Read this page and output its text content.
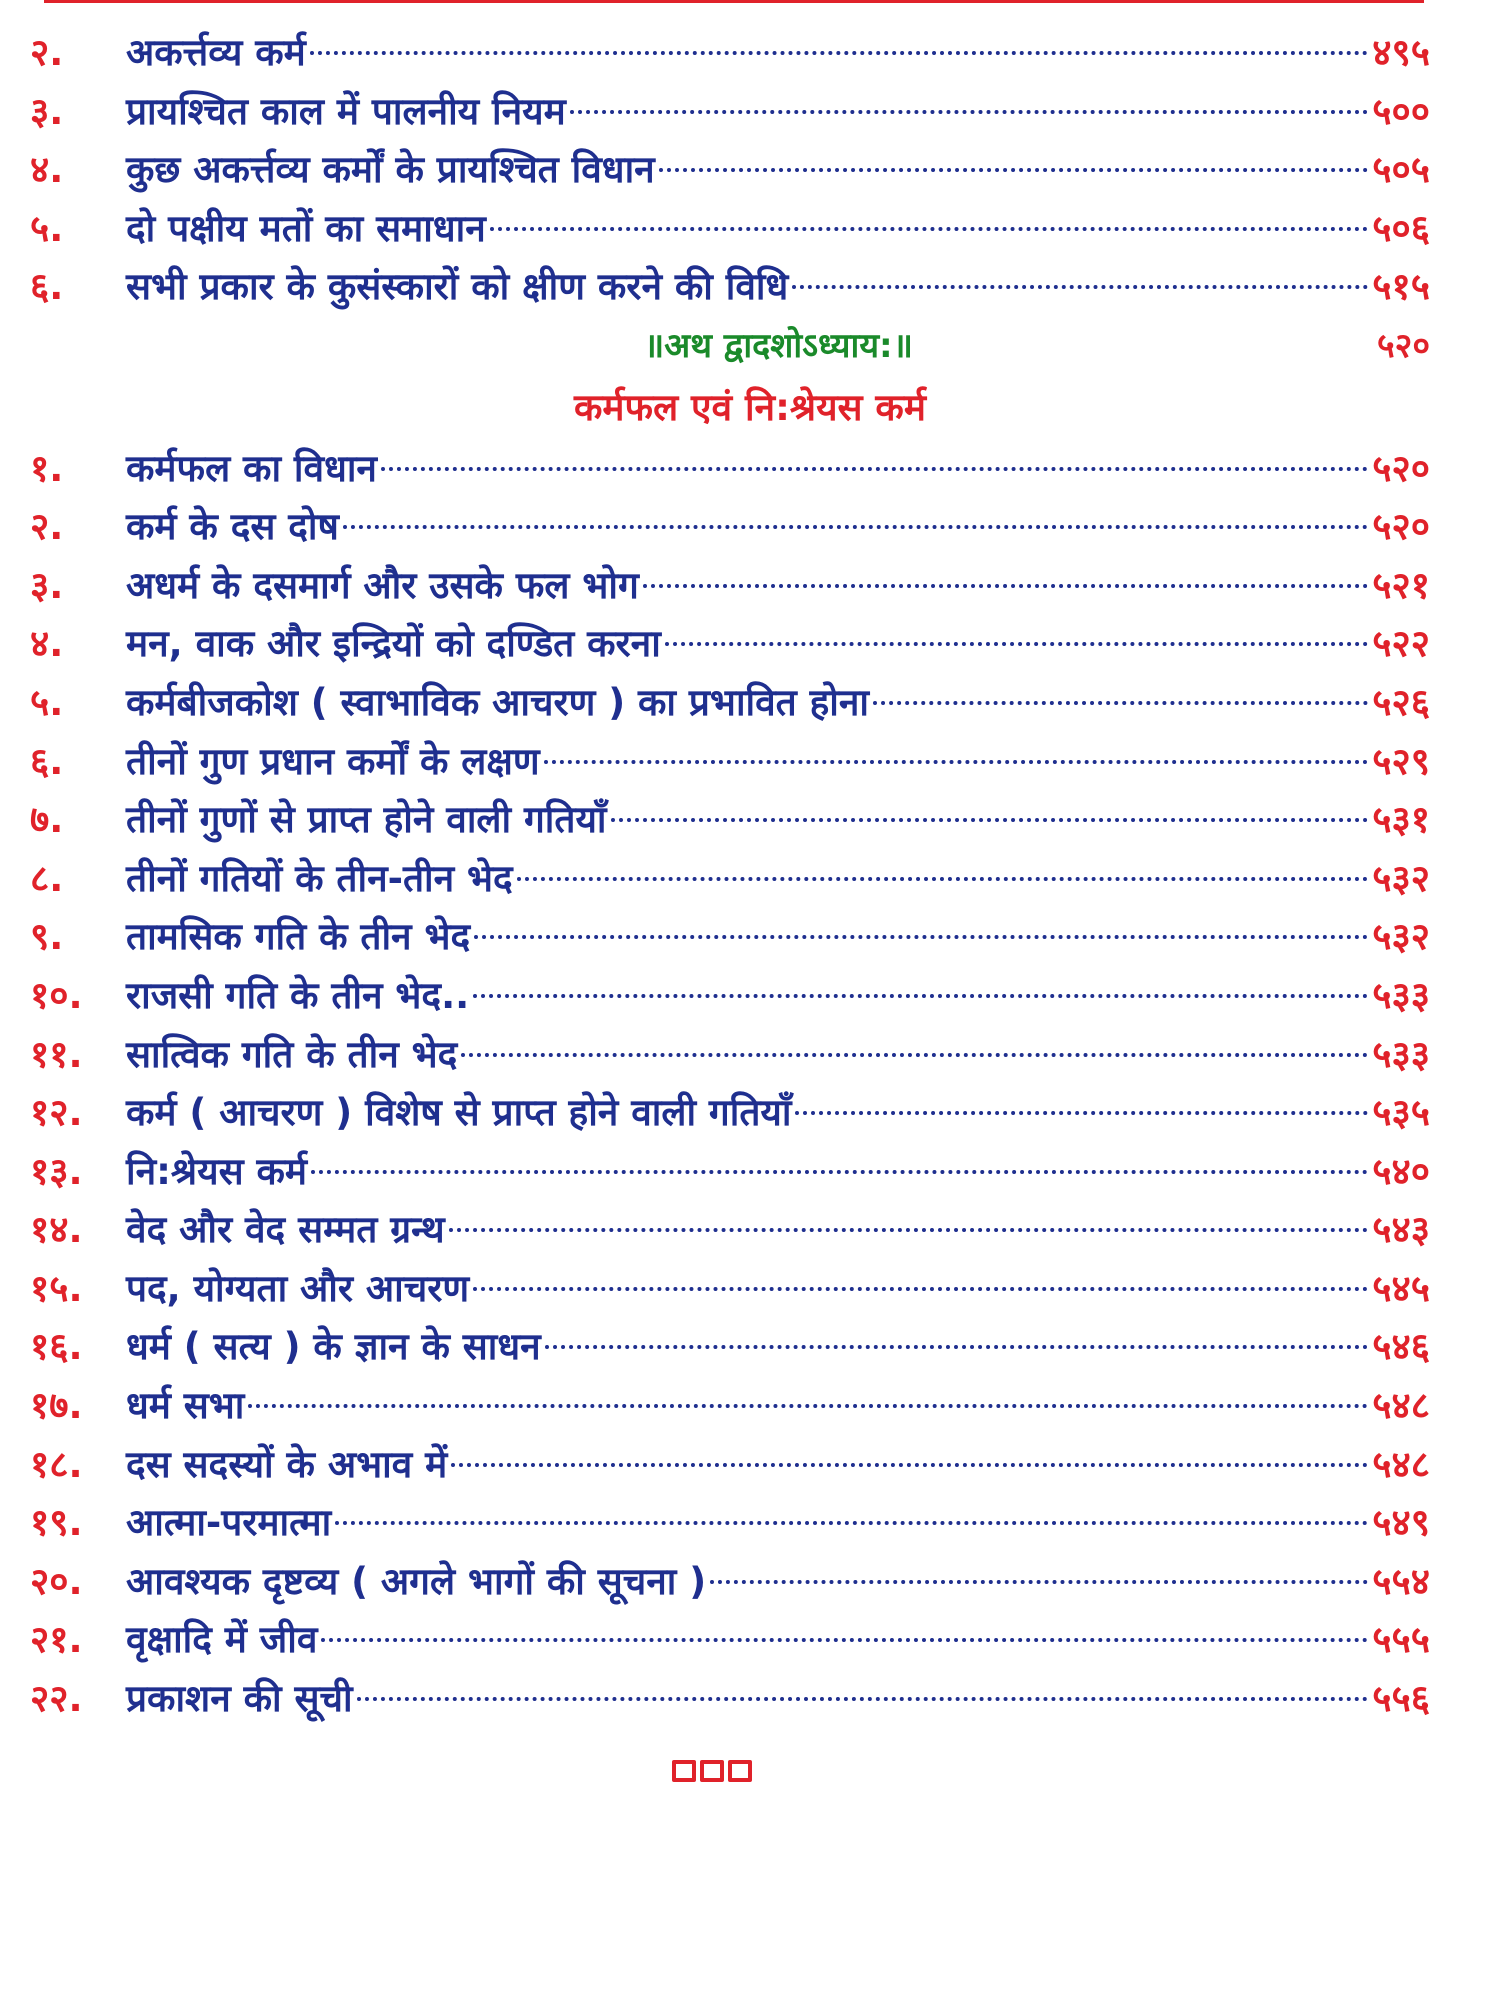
२.	अकर्त्तव्य कर्म	४९५
३.	प्रायश्चित काल में पालनीय नियम	५००
४.	कुछ अकर्त्तव्य कर्मों के प्रायश्चित विधान	५०५
५.	दो पक्षीय मतों का समाधान	५०६
६.	सभी प्रकार के कुसंस्कारों को क्षीण करने की विधि	५१५
॥अथ द्वादशोऽध्याय:॥	५२०
कर्मफल एवं नि:श्रेयस कर्म
१.	कर्मफल का विधान	५२०
२.	कर्म के दस दोष	५२०
३.	अधर्म के दसमार्ग और उसके फल भोग	५२१
४.	मन, वाक और इन्द्रियों को दण्डित करना	५२२
५.	कर्मबीजकोश ( स्वाभाविक आचरण ) का प्रभावित होना	५२६
६.	तीनों गुण प्रधान कर्मों के लक्षण	५२९
७.	तीनों गुणों से प्राप्त होने वाली गतियाँ	५३१
८.	तीनों गतियों के तीन-तीन भेद	५३२
९.	तामसिक गति के तीन भेद	५३२
१०.	राजसी गति के तीन भेद..	५३३
११.	सात्विक गति के तीन भेद	५३३
१२.	कर्म ( आचरण ) विशेष से प्राप्त होने वाली गतियाँ	५३५
१३.	नि:श्रेयस कर्म	५४०
१४.	वेद और वेद सम्मत ग्रन्थ	५४३
१५.	पद, योग्यता और आचरण	५४५
१६.	धर्म ( सत्य ) के ज्ञान के साधन	५४६
१७.	धर्म सभा	५४८
१८.	दस सदस्यों के अभाव में	५४८
१९.	आत्मा-परमात्मा	५४९
२०.	आवश्यक दृष्टव्य ( अगले भागों की सूचना )	५५४
२१.	वृक्षादि में जीव	५५५
२२.	प्रकाशन की सूची	५५६
